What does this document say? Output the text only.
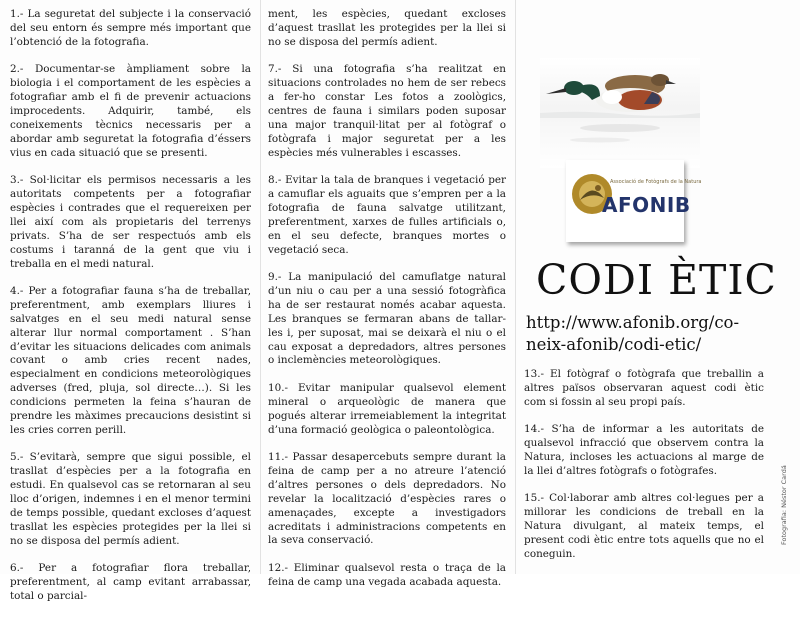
1.- La seguretat del subjecte i la conservació del seu entorn és sempre més important que l’obtenció de la fotografia.

2.- Documentar-se àmpliament sobre la biologia i el comportament de les espècies a fotografiar amb el fi de prevenir actuacions improcedents. Adquirir, també, els coneixements tècnics necessaris per a abordar amb seguretat la fotografia d’éssers vius en cada situació que se presenti.

3.- Sol·licitar els permisos necessaris a les autoritats competents per a fotografiar espècies i contrades que el requereixen per llei així com als propietaris del terrenys privats. S’ha de ser respectuós amb els costums i taranná de la gent que viu i treballa en el medi natural.

4.- Per a fotografiar fauna s’ha de treballar, preferentment, amb exemplars lliures i salvatges en el seu medi natural sense alterar llur normal comportament . S’han d’evitar les situacions delicades com animals covant o amb cries recent nades, especialment en condicions meteorològiques adverses (fred, pluja, sol directe…). Si les condicions permeten la feina s’hauran de prendre les màximes precaucions desistint si les cries corren perill.

5.- S’evitarà, sempre que sigui possible, el trasllat d’espècies per a la fotografia en estudi. En qualsevol cas se retornaran al seu lloc d’origen, indemnes i en el menor termini de temps possible, quedant excloses d’aquest trasllat les espècies protegides per la llei si no se disposa del permís adient.

6.- Per a fotografiar flora treballar, preferentment, al camp evitant arrabassar, total o parcial-

ment, les espècies, quedant excloses d’aquest trasllat les protegides per la llei si no se disposa del permís adient.

7.- Si una fotografia s’ha realitzat en situacions controlades no hem de ser rebecs a fer-ho constar Les fotos a zoològics, centres de fauna i similars poden suposar una major tranquil·litat per al fotògraf o fotògrafa i major seguretat per a les espècies més vulnerables i escasses.

8.- Evitar la tala de branques i vegetació per a camuflar els aguaits que s’empren per a la fotografia de fauna salvatge utilitzant, preferentment, xarxes de fulles artificials o, en el seu defecte, branques mortes o vegetació seca.

9.- La manipulació del camuflatge natural d’un niu o cau per a una sessió fotogràfica ha de ser restaurat només acabar aquesta. Les branques se fermaran abans de tallar-les i, per suposat, mai se deixarà el niu o el cau exposat a depredadors, altres persones o inclemències meteorològiques.

10.- Evitar manipular qualsevol element mineral o arqueològic de manera que pogués alterar irremeiablement la integritat d’una formació geològica o paleontològica.

11.- Passar desapercebuts sempre durant la feina de camp per a no atreure l’atenció d’altres persones o dels depredadors. No revelar la localització d’espècies rares o amenaçades, excepte a investigadors acreditats i administracions competents en la seva conservació.

12.- Eliminar qualsevol resta o traça de la feina de camp una vegada acabada aquesta.

Associació de Fotògrafs de la Natura
AFONIB
CODI ÈTIC
http://www.afonib.org/co-
neix-afonib/codi-etic/

13.- El fotògraf o fotògrafa que treballin a altres països observaran aquest codi ètic com si fossin al seu propi país.

14.- S’ha de informar a les autoritats de qualsevol infracció que observem contra la Natura, incloses les actuacions al marge de la llei d’altres fotògrafs o fotògrafes.

15.- Col·laborar amb altres col·legues per a millorar les condicions de treball en la Natura divulgant, al mateix temps, el present codi ètic entre tots aquells que no el coneguin.

Fotografia: Néstor Cardá
